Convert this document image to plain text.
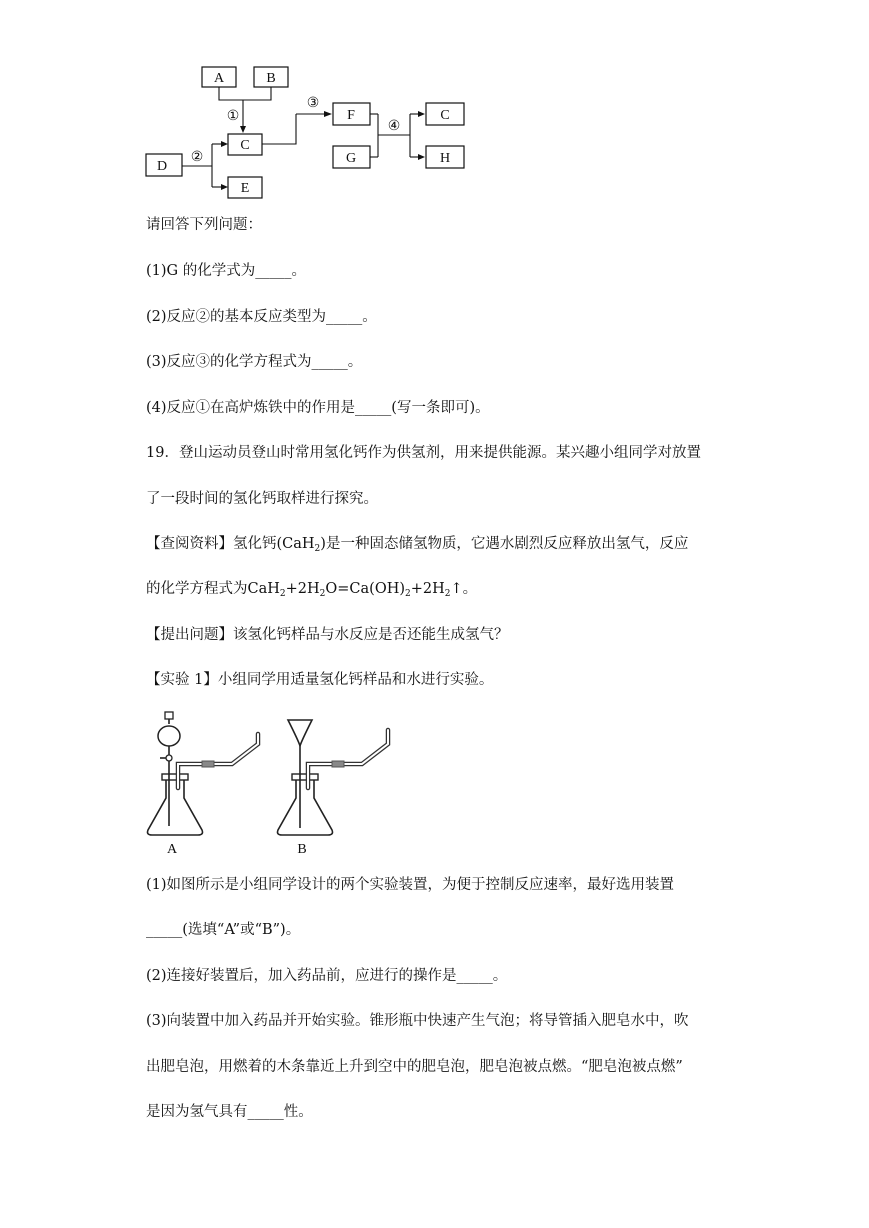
A	B
C
D
E
F
G
C
H
①
②
③
④

请回答下列问题：

(1)G 的化学式为_____。

(2)反应②的基本反应类型为_____。

(3)反应③的化学方程式为_____。

(4)反应①在高炉炼铁中的作用是_____(写一条即可)。

19．登山运动员登山时常用氢化钙作为供氢剂，用来提供能源。某兴趣小组同学对放置

了一段时间的氢化钙取样进行探究。

【查阅资料】氢化钙(CaH$_2$)是一种固态储氢物质，它遇水剧烈反应释放出氢气，反应

的化学方程式为$CaH_2+2H_2O=Ca(OH)_2+2H_2↑$。

【提出问题】该氢化钙样品与水反应是否还能生成氢气？

【实验 1】小组同学用适量氢化钙样品和水进行实验。

A	B

(1)如图所示是小组同学设计的两个实验装置，为便于控制反应速率，最好选用装置

_____(选填“A”或“B”)。

(2)连接好装置后，加入药品前，应进行的操作是_____。

(3)向装置中加入药品并开始实验。锥形瓶中快速产生气泡；将导管插入肥皂水中，吹

出肥皂泡，用燃着的木条靠近上升到空中的肥皂泡，肥皂泡被点燃。“肥皂泡被点燃”

是因为氢气具有_____性。
